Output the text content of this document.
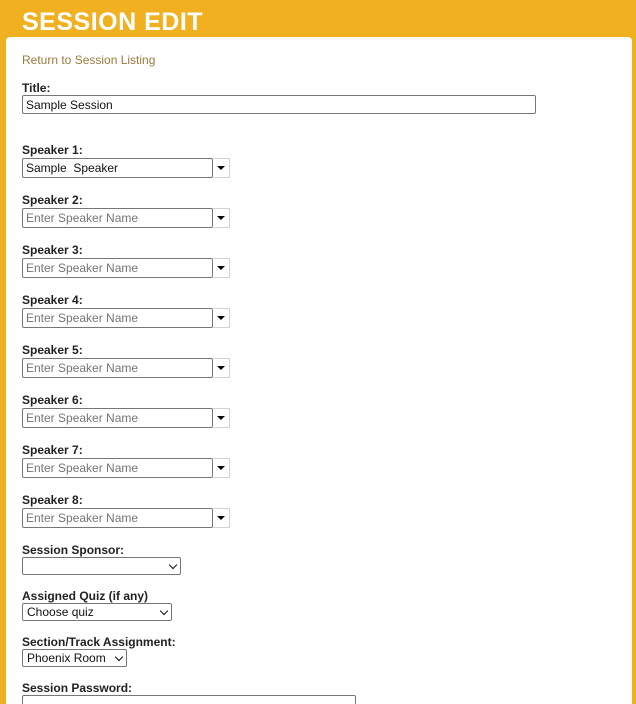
SESSION EDIT
Return to Session Listing
Title:
Sample Session
Speaker 1:
Sample Speaker
Speaker 2:
Enter Speaker Name
Speaker 3:
Enter Speaker Name
Speaker 4:
Enter Speaker Name
Speaker 5:
Enter Speaker Name
Speaker 6:
Enter Speaker Name
Speaker 7:
Enter Speaker Name
Speaker 8:
Enter Speaker Name
Session Sponsor:
Assigned Quiz (if any)
Choose quiz
Section/Track Assignment:
Phoenix Room
Session Password:
